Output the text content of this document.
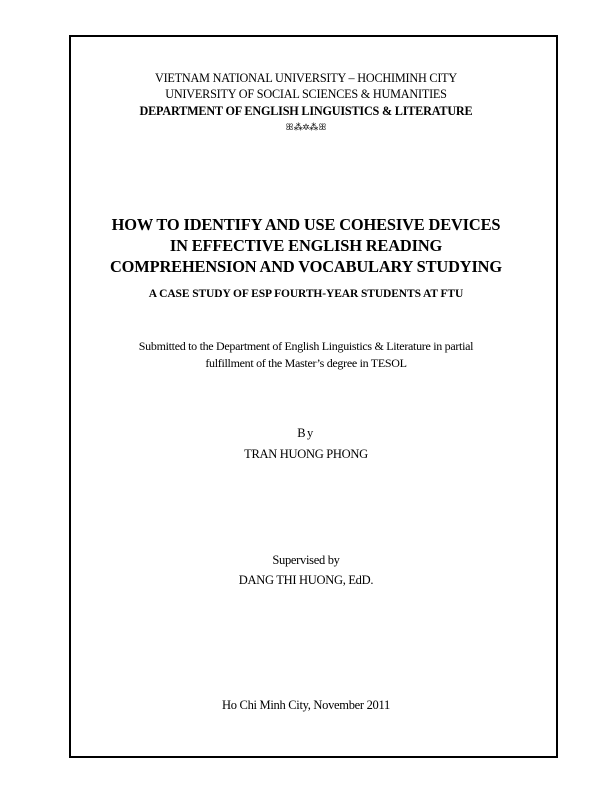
VIETNAM NATIONAL UNIVERSITY – HOCHIMINH CITY
UNIVERSITY OF SOCIAL SCIENCES & HUMANITIES
DEPARTMENT OF ENGLISH LINGUISTICS & LITERATURE
ꕥ⁂✲⁂ꕥ
HOW TO IDENTIFY AND USE COHESIVE DEVICES
IN EFFECTIVE ENGLISH READING
COMPREHENSION AND VOCABULARY STUDYING
A CASE STUDY OF ESP FOURTH-YEAR STUDENTS AT FTU
Submitted to the Department of English Linguistics & Literature in partial
fulfillment of the Master’s degree in TESOL
By
TRAN HUONG PHONG
Supervised by
DANG THI HUONG, EdD.
Ho Chi Minh City, November 2011
